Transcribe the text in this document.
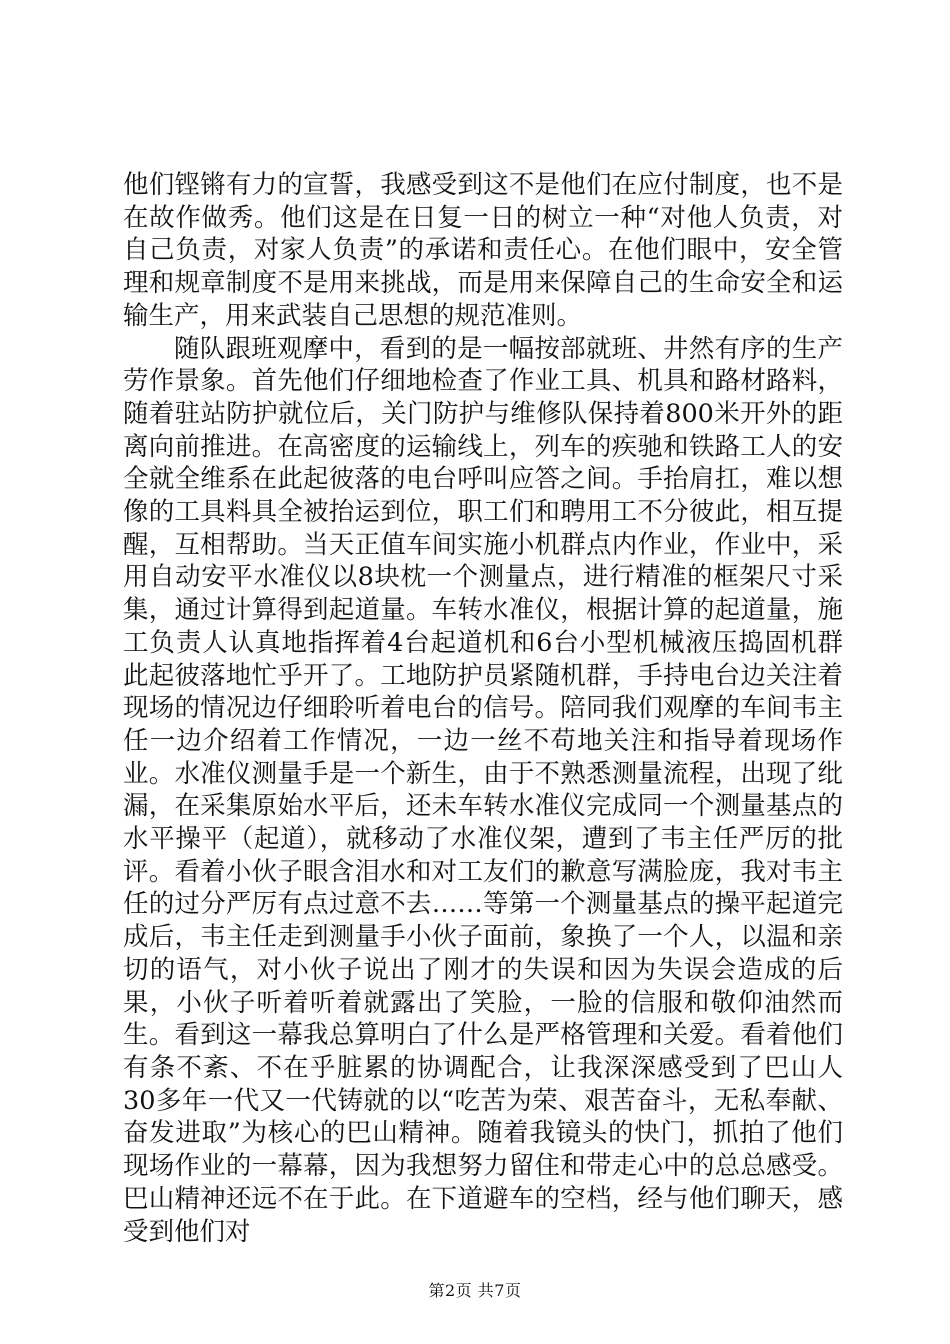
他们铿锵有力的宣誓，我感受到这不是他们在应付制度，也不是在故作做秀。他们这是在日复一日的树立一种“对他人负责，对自己负责，对家人负责”的承诺和责任心。在他们眼中，安全管理和规章制度不是用来挑战，而是用来保障自己的生命安全和运输生产，用来武装自己思想的规范准则。

随队跟班观摩中，看到的是一幅按部就班、井然有序的生产劳作景象。首先他们仔细地检查了作业工具、机具和路材路料，随着驻站防护就位后，关门防护与维修队保持着800米开外的距离向前推进。在高密度的运输线上，列车的疾驰和铁路工人的安全就全维系在此起彼落的电台呼叫应答之间。手抬肩扛，难以想像的工具料具全被抬运到位，职工们和聘用工不分彼此，相互提醒，互相帮助。当天正值车间实施小机群点内作业，作业中，采用自动安平水准仪以8块枕一个测量点，进行精准的框架尺寸采集，通过计算得到起道量。车转水准仪，根据计算的起道量，施工负责人认真地指挥着4台起道机和6台小型机械液压捣固机群此起彼落地忙乎开了。工地防护员紧随机群，手持电台边关注着现场的情况边仔细聆听着电台的信号。陪同我们观摩的车间韦主任一边介绍着工作情况，一边一丝不苟地关注和指导着现场作业。水准仪测量手是一个新生，由于不熟悉测量流程，出现了纰漏，在采集原始水平后，还未车转水准仪完成同一个测量基点的水平操平（起道），就移动了水准仪架，遭到了韦主任严厉的批评。看着小伙子眼含泪水和对工友们的歉意写满脸庞，我对韦主任的过分严厉有点过意不去……等第一个测量基点的操平起道完成后，韦主任走到测量手小伙子面前，象换了一个人，以温和亲切的语气，对小伙子说出了刚才的失误和因为失误会造成的后果，小伙子听着听着就露出了笑脸，一脸的信服和敬仰油然而生。看到这一幕我总算明白了什么是严格管理和关爱。看着他们有条不紊、不在乎脏累的协调配合，让我深深感受到了巴山人30多年一代又一代铸就的以“吃苦为荣、艰苦奋斗，无私奉献、奋发进取”为核心的巴山精神。随着我镜头的快门，抓拍了他们现场作业的一幕幕，因为我想努力留住和带走心中的总总感受。巴山精神还远不在于此。在下道避车的空档，经与他们聊天，感受到他们对

第2页 共7页
